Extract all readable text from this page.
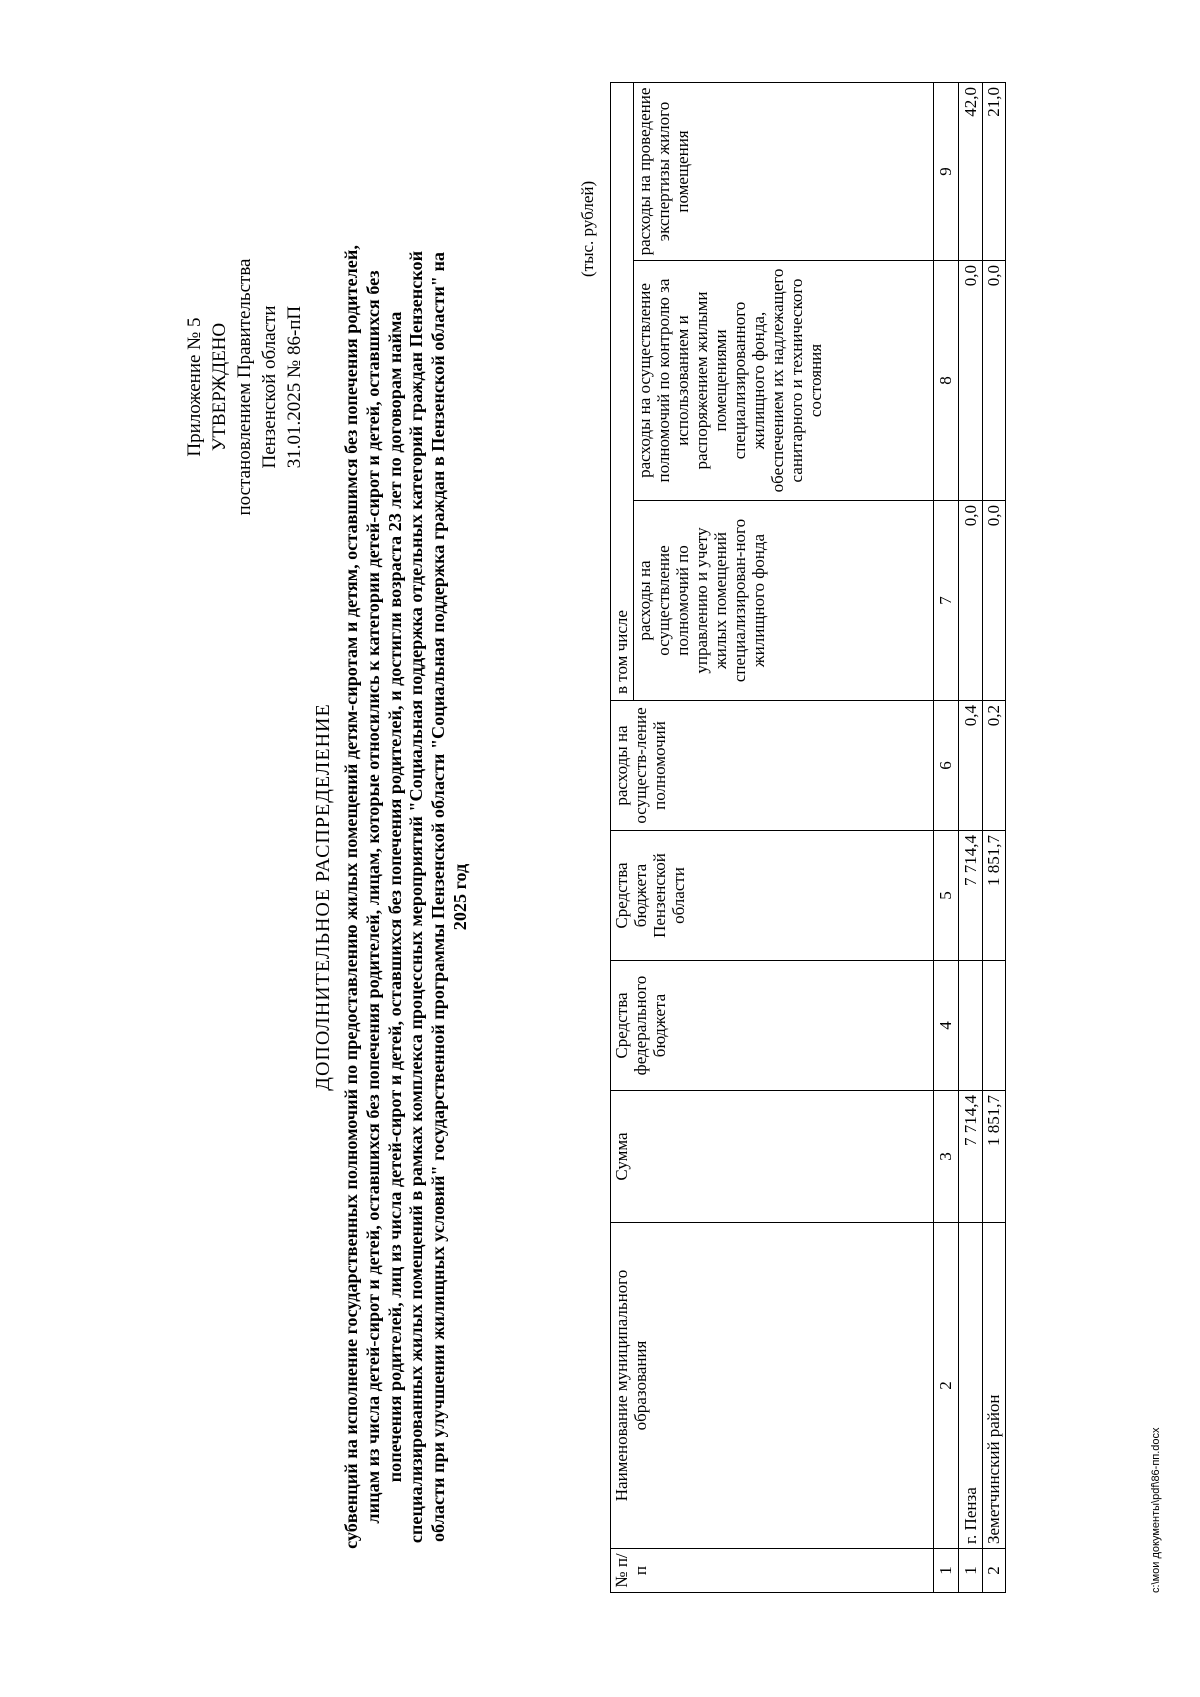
Приложение № 5 УТВЕРЖДЕНО постановлением Правительства Пензенской области 31.01.2025 № 86-пП
ДОПОЛНИТЕЛЬНОЕ РАСПРЕДЕЛЕНИЕ субвенций на исполнение государственных полномочий по предоставлению жилых помещений детям-сиротам и детям, оставшимся без попечения родителей, лицам из числа детей-сирот и детей, оставшихся без попечения родителей, лицам, которые относились к категории детей-сирот и детей, оставшихся без попечения родителей, лиц из числа детей-сирот и детей, оставшихся без попечения родителей, и достигли возраста 23 лет по договорам найма специализированных жилых помещений в рамках комплекса процессных мероприятий "Социальная поддержка отдельных категорий граждан Пензенской области при улучшении жилищных условий" государственной программы Пензенской области "Социальная поддержка граждан в Пензенской области" на 2025 год
(тыс. рублей)
№ п/п	Наименование муниципального образования	Сумма	Средства федерального бюджета	Средства бюджета Пензенской области	расходы на осуществ-ление полномочий	в том числе		
						расходы на осуществление полномочий по управлению и учету жилых помещений специализирован-ного жилищного фонда	расходы на осуществление полномочий по контролю за использованием и распоряжением жилыми помещениями специализированного жилищного фонда, обеспечением их надлежащего санитарного и технического состояния	расходы на проведение экспертизы жилого помещения
1	2	3	4	5	6	7	8	9
1	г. Пенза	7 714,4		7 714,4	0,4	0,0	0,0	42,0
2	Земетчинский район	1 851,7		1 851,7	0,2	0,0	0,0	21,0
c:\мои документы\pdf\86-пп.docx
